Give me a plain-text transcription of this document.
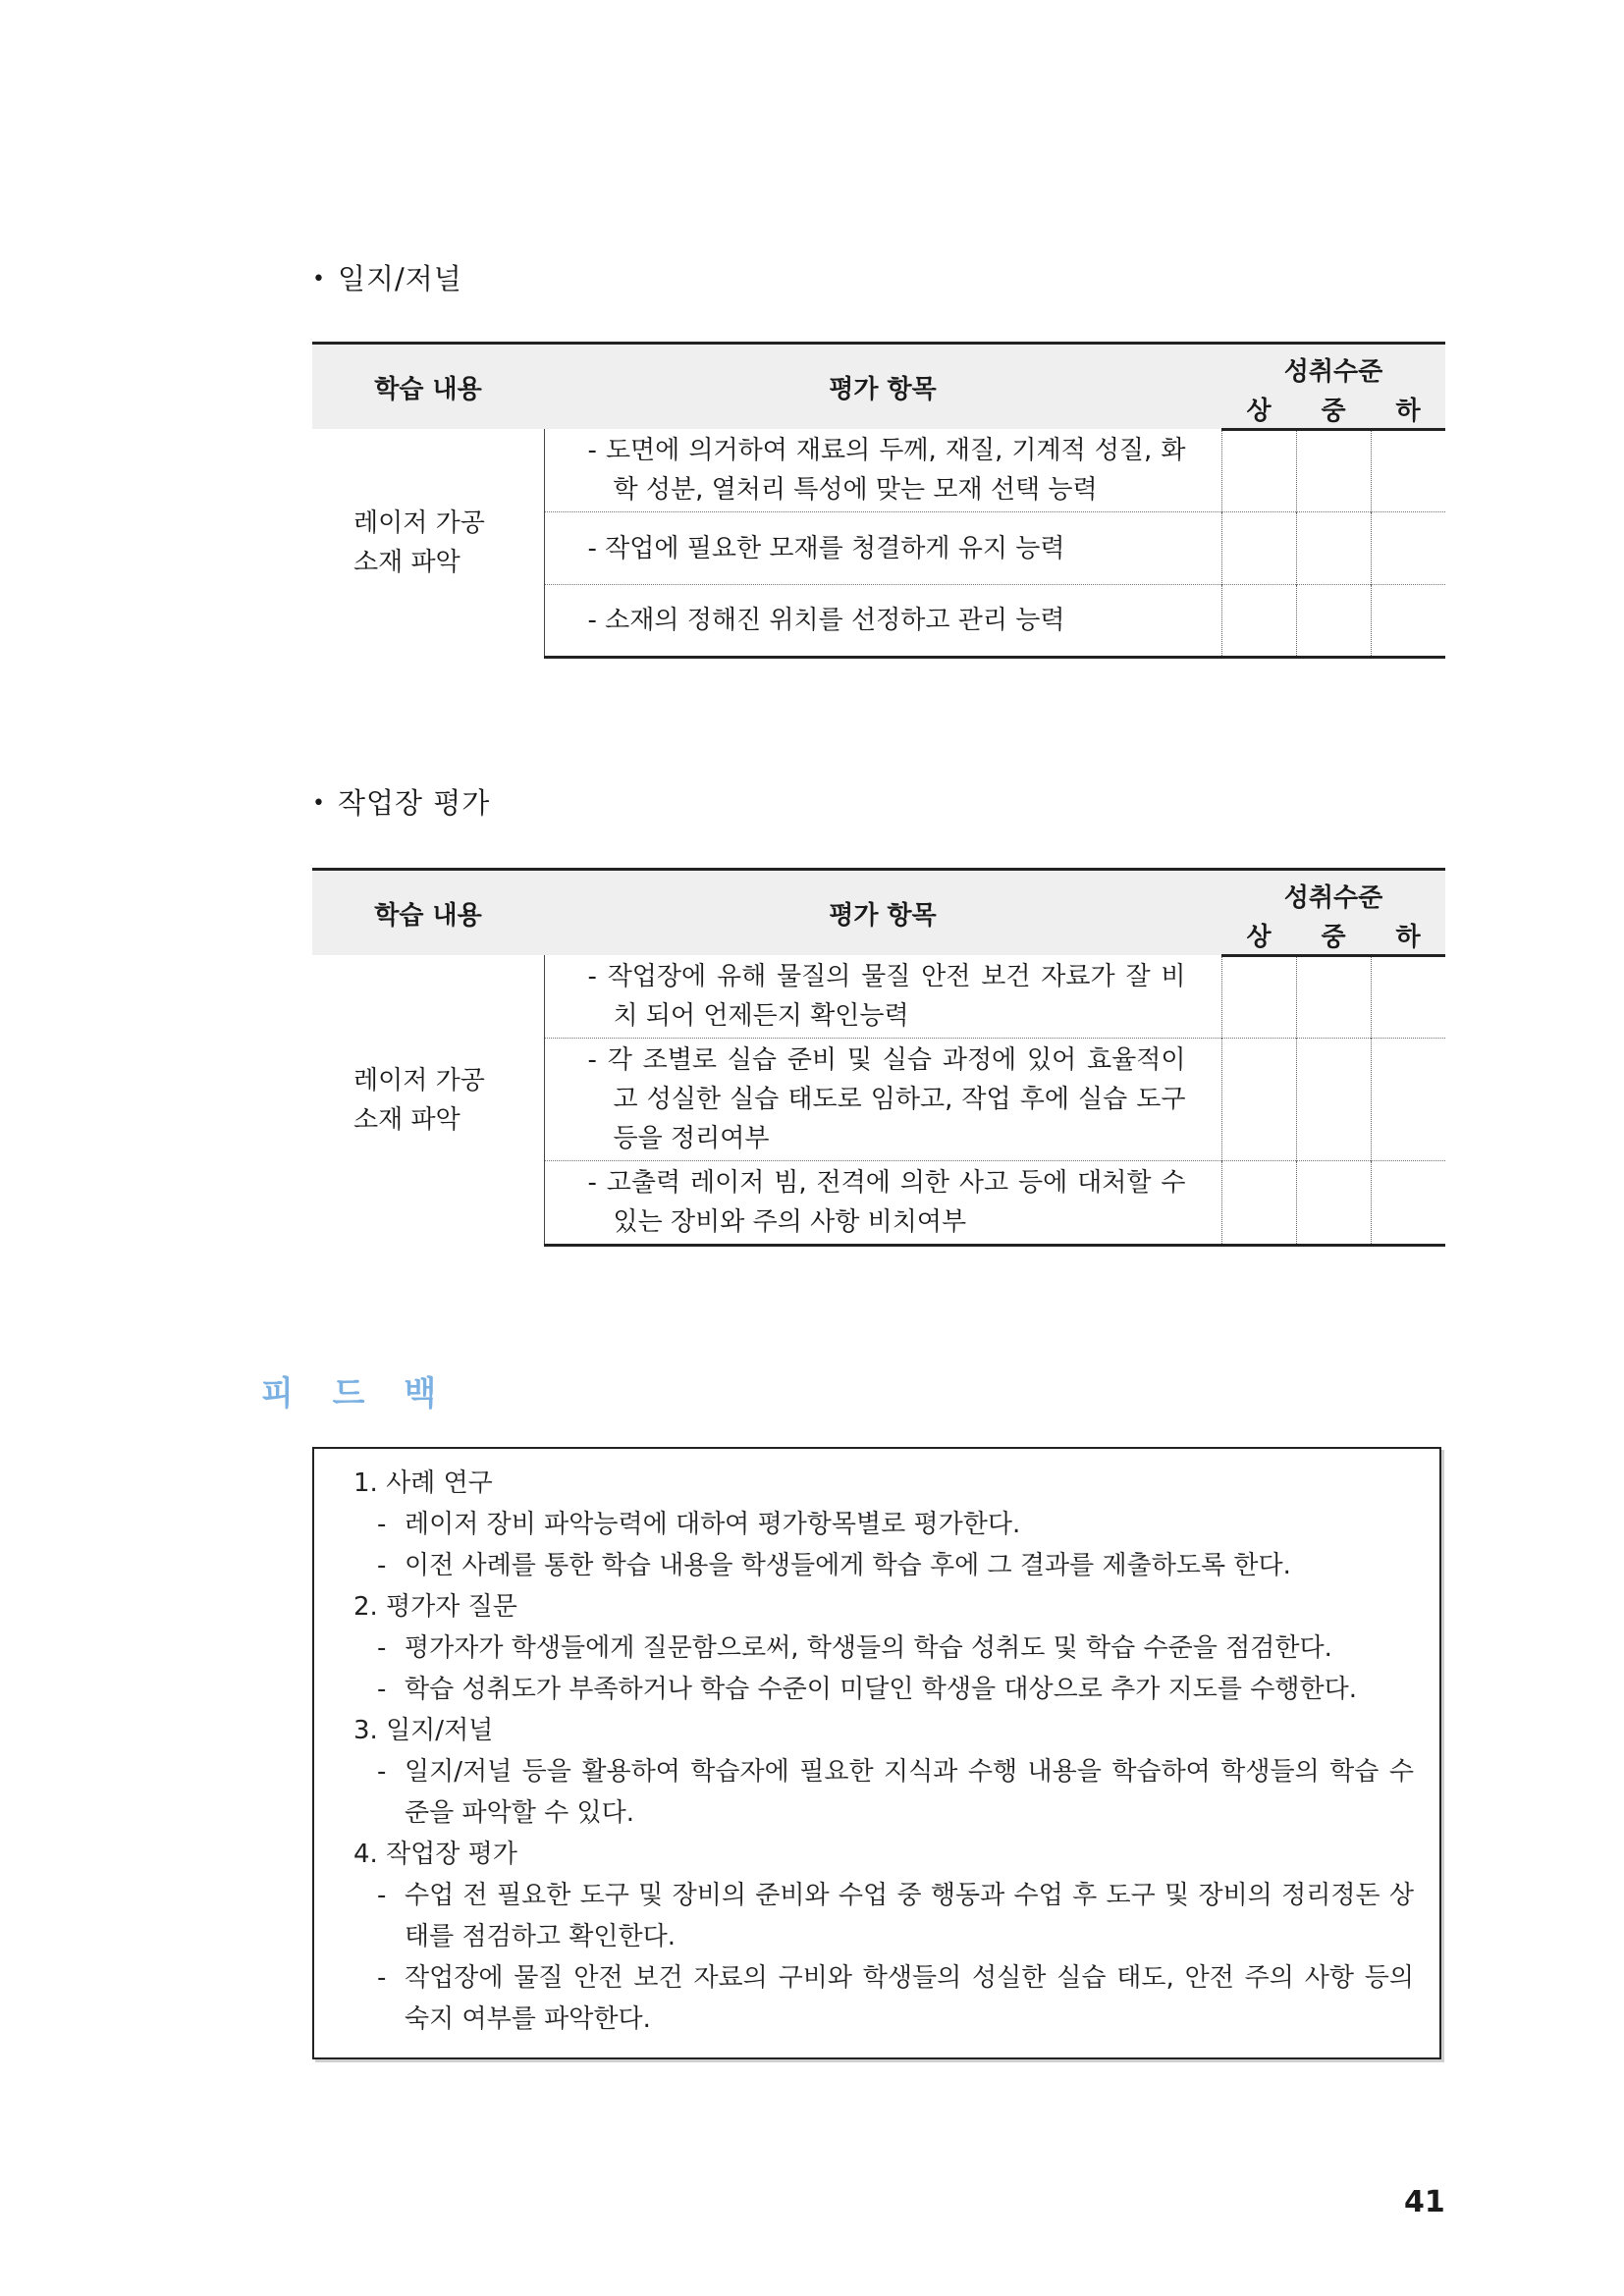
• 일지/저널
학습 내용	평가 항목	성취수준		
		상	중	하

레이저 가공
소재 파악	- 도면에 의거하여 재료의 두께, 재질, 기계적 성질, 화학 성분, 열처리 특성에 맞는 모재 선택 능력			
	- 작업에 필요한 모재를 청결하게 유지 능력			
	- 소재의 정해진 위치를 선정하고 관리 능력			
• 작업장 평가
학습 내용	평가 항목	성취수준		
		상	중	하

레이저 가공
소재 파악	- 작업장에 유해 물질의 물질 안전 보건 자료가 잘 비치 되어 언제든지 확인능력			
	- 각 조별로 실습 준비 및 실습 과정에 있어 효율적이고 성실한 실습 태도로 임하고, 작업 후에 실습 도구 등을 정리여부			
	- 고출력 레이저 빔, 전격에 의한 사고 등에 대처할 수 있는 장비와 주의 사항 비치여부			
피 드 백

1. 사례 연구

- 레이저 장비 파악능력에 대하여 평가항목별로 평가한다.

- 이전 사례를 통한 학습 내용을 학생들에게 학습 후에 그 결과를 제출하도록 한다.

2. 평가자 질문

- 평가자가 학생들에게 질문함으로써, 학생들의 학습 성취도 및 학습 수준을 점검한다.

- 학습 성취도가 부족하거나 학습 수준이 미달인 학생을 대상으로 추가 지도를 수행한다.

3. 일지/저널

- 일지/저널 등을 활용하여 학습자에 필요한 지식과 수행 내용을 학습하여 학생들의 학습 수준을 파악할 수 있다.

4. 작업장 평가

- 수업 전 필요한 도구 및 장비의 준비와 수업 중 행동과 수업 후 도구 및 장비의 정리정돈 상태를 점검하고 확인한다.

- 작업장에 물질 안전 보건 자료의 구비와 학생들의 성실한 실습 태도, 안전 주의 사항 등의 숙지 여부를 파악한다.

41
